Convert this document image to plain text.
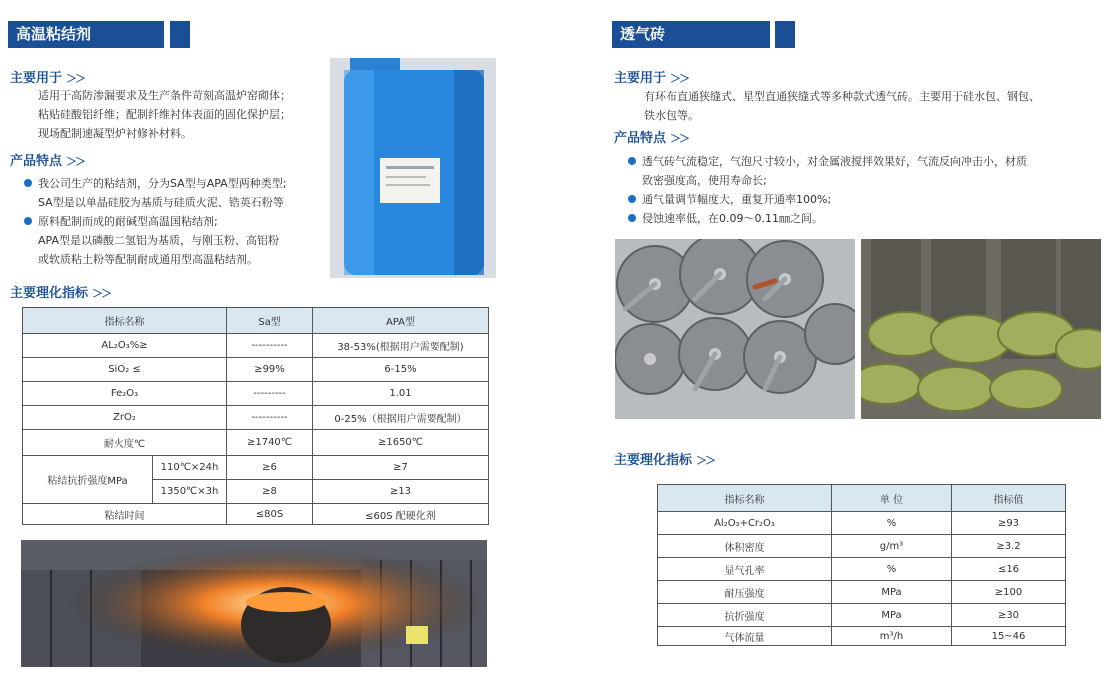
高温粘结剂
主要用于 ＞＞
适用于高防渗漏要求及生产条件苛刻高温炉窑砌体；
粘贴硅酸铝纤维；配制纤维衬体表面的固化保护层；
现场配制速凝型炉衬修补材料。
产品特点 ＞＞
我公司生产的粘结剂，分为SA型与APA型两种类型;
SA型是以单晶硅胶为基质与硅质火泥、锆英石粉等
原料配制而成的耐碱型高温国粘结剂;
APA型是以磷酸二氢铝为基质，与刚玉粉、高铝粉
或软质粘土粉等配制耐成通用型高温粘结剂。
主要理化指标 ＞＞
指标名称		Sa型	APA型
AL₂O₃%≥		----------	38-53%(根据用户需要配制)
SiO₂ ≤		≥99%	6-15%
Fe₂O₃		---------	1.01
ZrO₂		----------	0-25%（根据用户需要配制）
耐火度℃		≥1740℃	≥1650℃
粘结抗折强度MPa	110℃×24h	≥6	≥7
	1350℃×3h	≥8	≥13
粘结时间		≤80S	≤60S 配硬化剂
透气砖
主要用于 ＞＞
有环布直通狭缝式、星型直通狭缝式等多种款式透气砖。主要用于硅水包、钢包、
铁水包等。
产品特点 ＞＞
透气砖气流稳定，气泡尺寸较小，对金属液搅拌效果好，气流反向冲击小，材质
致密强度高，使用寿命长;
通气量调节幅度大，重复开通率100%;
侵蚀速率低，在0.09～0.11㎜之间。
主要理化指标 ＞＞
指标名称	单 位	指标值
Al₂O₃+Cr₂O₃	%	≥93
体积密度	g/m³	≥3.2
显气孔率	%	≤16
耐压强度	MPa	≥100
抗折强度	MPa	≥30
气体流量	m³/h	15~46
